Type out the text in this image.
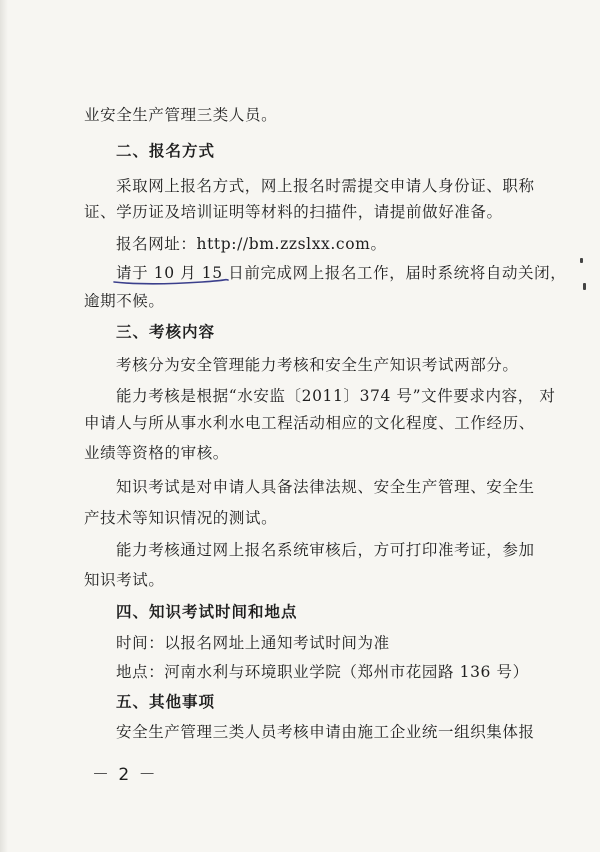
业安全生产管理三类人员。
二、报名方式
采取网上报名方式，网上报名时需提交申请人身份证、职称
证、学历证及培训证明等材料的扫描件，请提前做好准备。
报名网址：http://bm.zzslxx.com。
请于 10 月 15 日前完成网上报名工作，届时系统将自动关闭，
逾期不候。
三、考核内容
考核分为安全管理能力考核和安全生产知识考试两部分。
能力考核是根据“水安监〔2011〕374 号”文件要求内容， 对
申请人与所从事水利水电工程活动相应的文化程度、工作经历、
业绩等资格的审核。
知识考试是对申请人具备法律法规、安全生产管理、安全生
产技术等知识情况的测试。
能力考核通过网上报名系统审核后，方可打印准考证，参加
知识考试。
四、知识考试时间和地点
时间：以报名网址上通知考试时间为准
地点：河南水利与环境职业学院（郑州市花园路 136 号）
五、其他事项
安全生产管理三类人员考核申请由施工企业统一组织集体报
－ 2 －
